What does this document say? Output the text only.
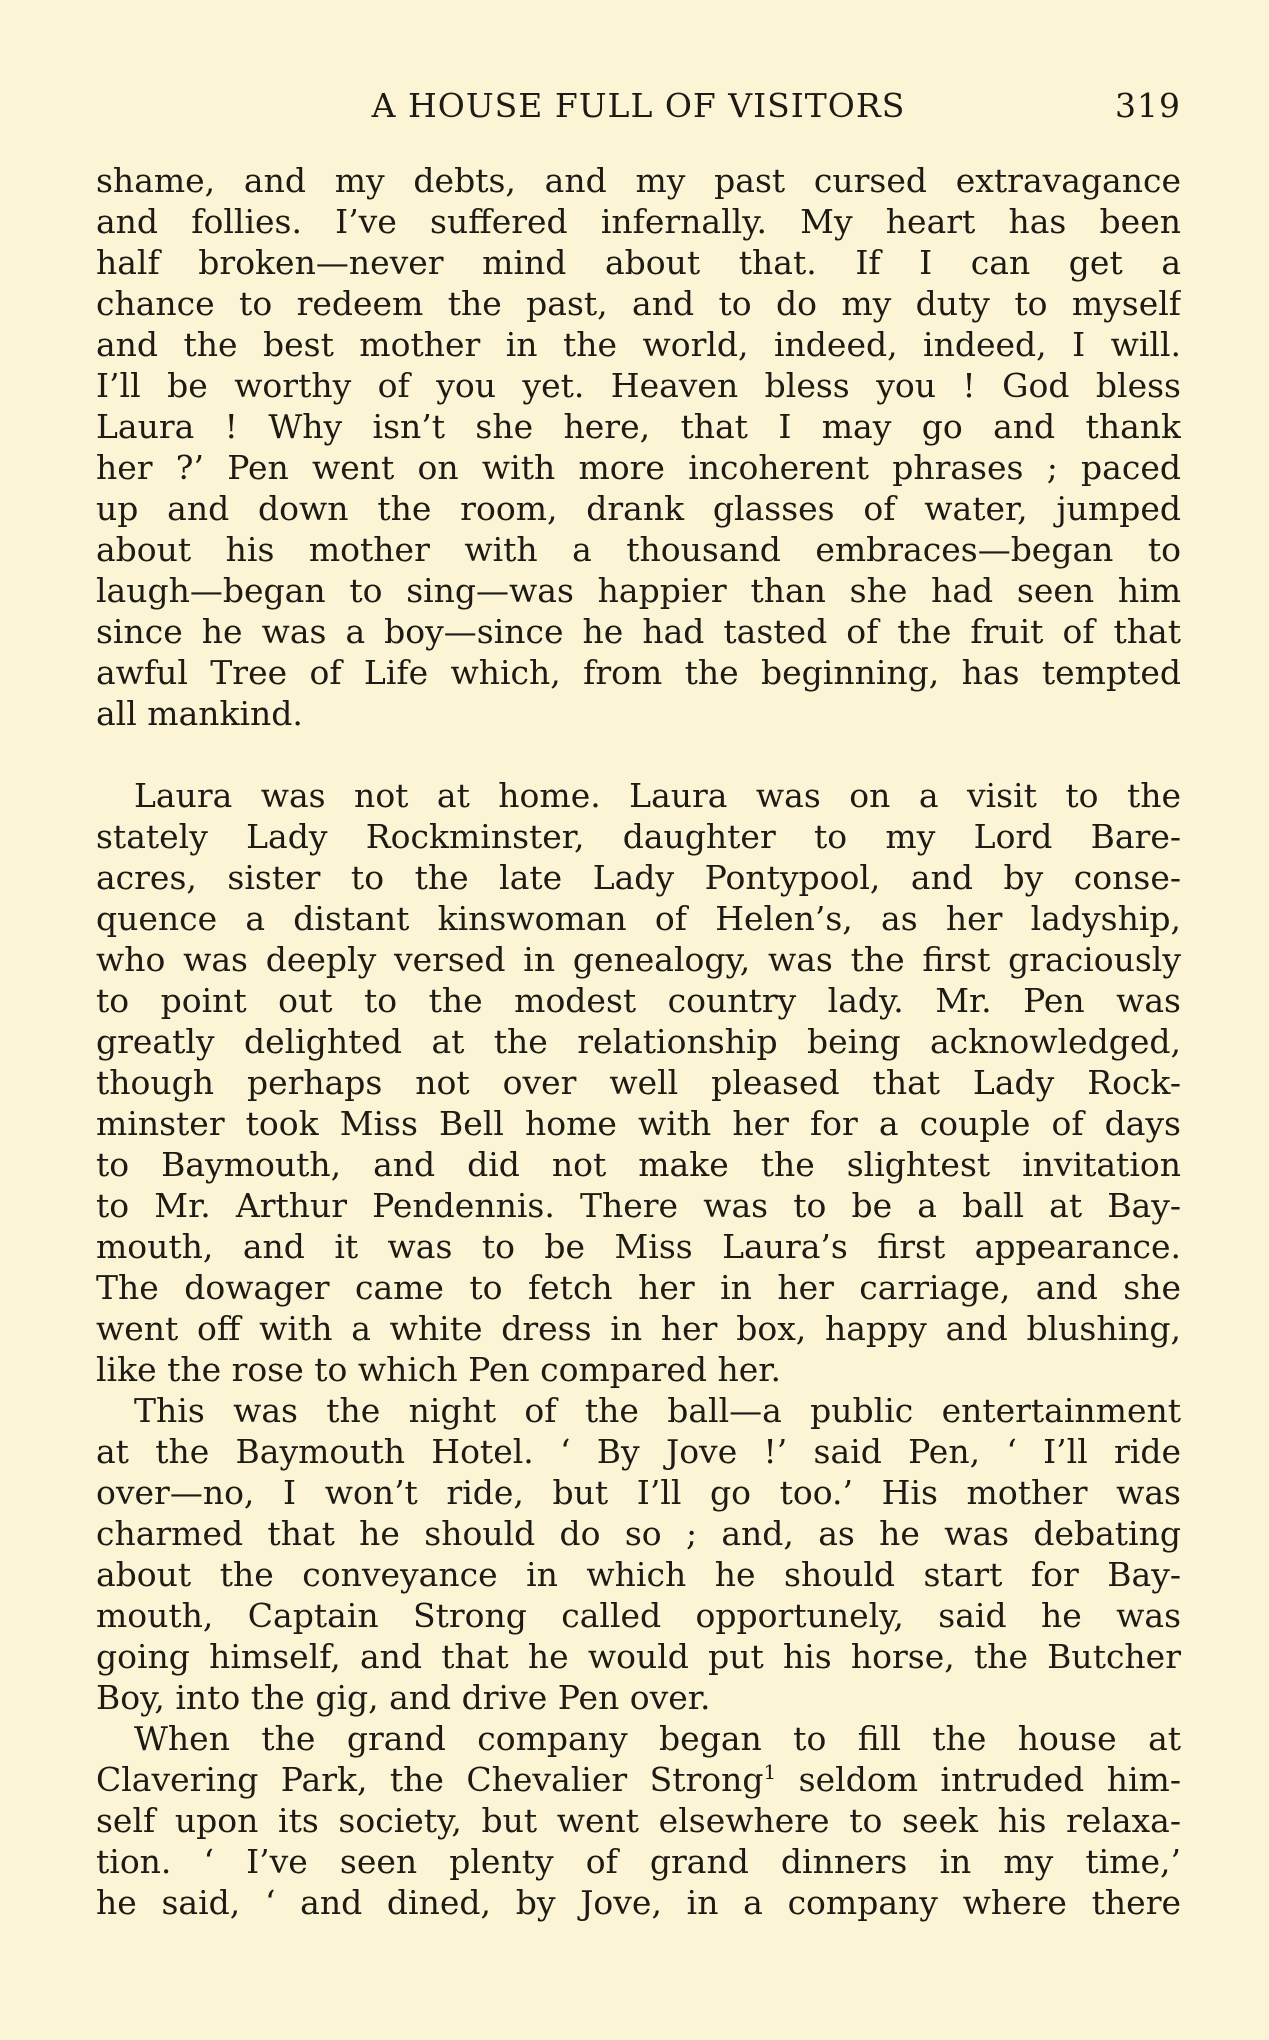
A HOUSE FULL OF VISITORS	319

shame, and my debts, and my past cursed extravagance
and follies. I’ve suffered infernally. My heart has been
half broken—never mind about that. If I can get a
chance to redeem the past, and to do my duty to myself
and the best mother in the world, indeed, indeed, I will.
I’ll be worthy of you yet. Heaven bless you ! God bless
Laura ! Why isn’t she here, that I may go and thank
her ?’ Pen went on with more incoherent phrases ; paced
up and down the room, drank glasses of water, jumped
about his mother with a thousand embraces—began to
laugh—began to sing—was happier than she had seen him
since he was a boy—since he had tasted of the fruit of that
awful Tree of Life which, from the beginning, has tempted
all mankind.

Laura was not at home. Laura was on a visit to the
stately Lady Rockminster, daughter to my Lord Bare-
acres, sister to the late Lady Pontypool, and by conse-
quence a distant kinswoman of Helen’s, as her ladyship,
who was deeply versed in genealogy, was the first graciously
to point out to the modest country lady. Mr. Pen was
greatly delighted at the relationship being acknowledged,
though perhaps not over well pleased that Lady Rock-
minster took Miss Bell home with her for a couple of days
to Baymouth, and did not make the slightest invitation
to Mr. Arthur Pendennis. There was to be a ball at Bay-
mouth, and it was to be Miss Laura’s first appearance.
The dowager came to fetch her in her carriage, and she
went off with a white dress in her box, happy and blushing,
like the rose to which Pen compared her.

This was the night of the ball—a public entertainment
at the Baymouth Hotel. ‘ By Jove !’ said Pen, ‘ I’ll ride
over—no, I won’t ride, but I’ll go too.’ His mother was
charmed that he should do so ; and, as he was debating
about the conveyance in which he should start for Bay-
mouth, Captain Strong called opportunely, said he was
going himself, and that he would put his horse, the Butcher
Boy, into the gig, and drive Pen over.

When the grand company began to fill the house at
Clavering Park, the Chevalier Strong$^1$ seldom intruded him-
self upon its society, but went elsewhere to seek his relaxa-
tion. ‘ I’ve seen plenty of grand dinners in my time,’
he said, ‘ and dined, by Jove, in a company where there
